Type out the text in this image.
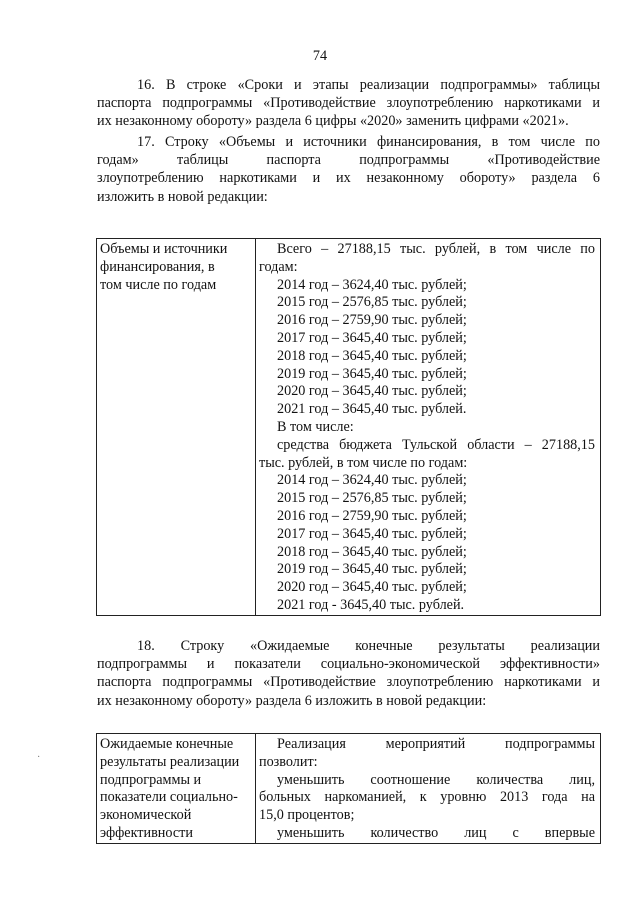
74
16. В строке «Сроки и этапы реализации подпрограммы» таблицы
паспорта подпрограммы «Противодействие злоупотреблению наркотиками и
их незаконному обороту» раздела 6 цифры «2020» заменить цифрами «2021».
17. Строку «Объемы и источники финансирования, в том числе по
годам» таблицы паспорта подпрограммы «Противодействие
злоупотреблению наркотиками и их незаконному обороту» раздела 6
изложить в новой редакции:
Объемы и источники
финансирования, в
том числе по годам

Всего – 27188,15 тыс. рублей, в том числе по
годам:
2014 год – 3624,40 тыс. рублей;
2015 год – 2576,85 тыс. рублей;
2016 год – 2759,90 тыс. рублей;
2017 год – 3645,40 тыс. рублей;
2018 год – 3645,40 тыс. рублей;
2019 год – 3645,40 тыс. рублей;
2020 год – 3645,40 тыс. рублей;
2021 год – 3645,40 тыс. рублей.
В том числе:
средства бюджета Тульской области – 27188,15
тыс. рублей, в том числе по годам:
2014 год – 3624,40 тыс. рублей;
2015 год – 2576,85 тыс. рублей;
2016 год – 2759,90 тыс. рублей;
2017 год – 3645,40 тыс. рублей;
2018 год – 3645,40 тыс. рублей;
2019 год – 3645,40 тыс. рублей;
2020 год – 3645,40 тыс. рублей;
2021 год - 3645,40 тыс. рублей.
18. Строку «Ожидаемые конечные результаты реализации
подпрограммы и показатели социально-экономической эффективности»
паспорта подпрограммы «Противодействие злоупотреблению наркотиками и
их незаконному обороту» раздела 6 изложить в новой редакции:
Ожидаемые конечные
результаты реализации
подпрограммы и
показатели социально-
экономической
эффективности

Реализация мероприятий подпрограммы
позволит:
уменьшить соотношение количества лиц,
больных наркоманией, к уровню 2013 года на
15,0 процентов;
уменьшить количество лиц с впервые
·
